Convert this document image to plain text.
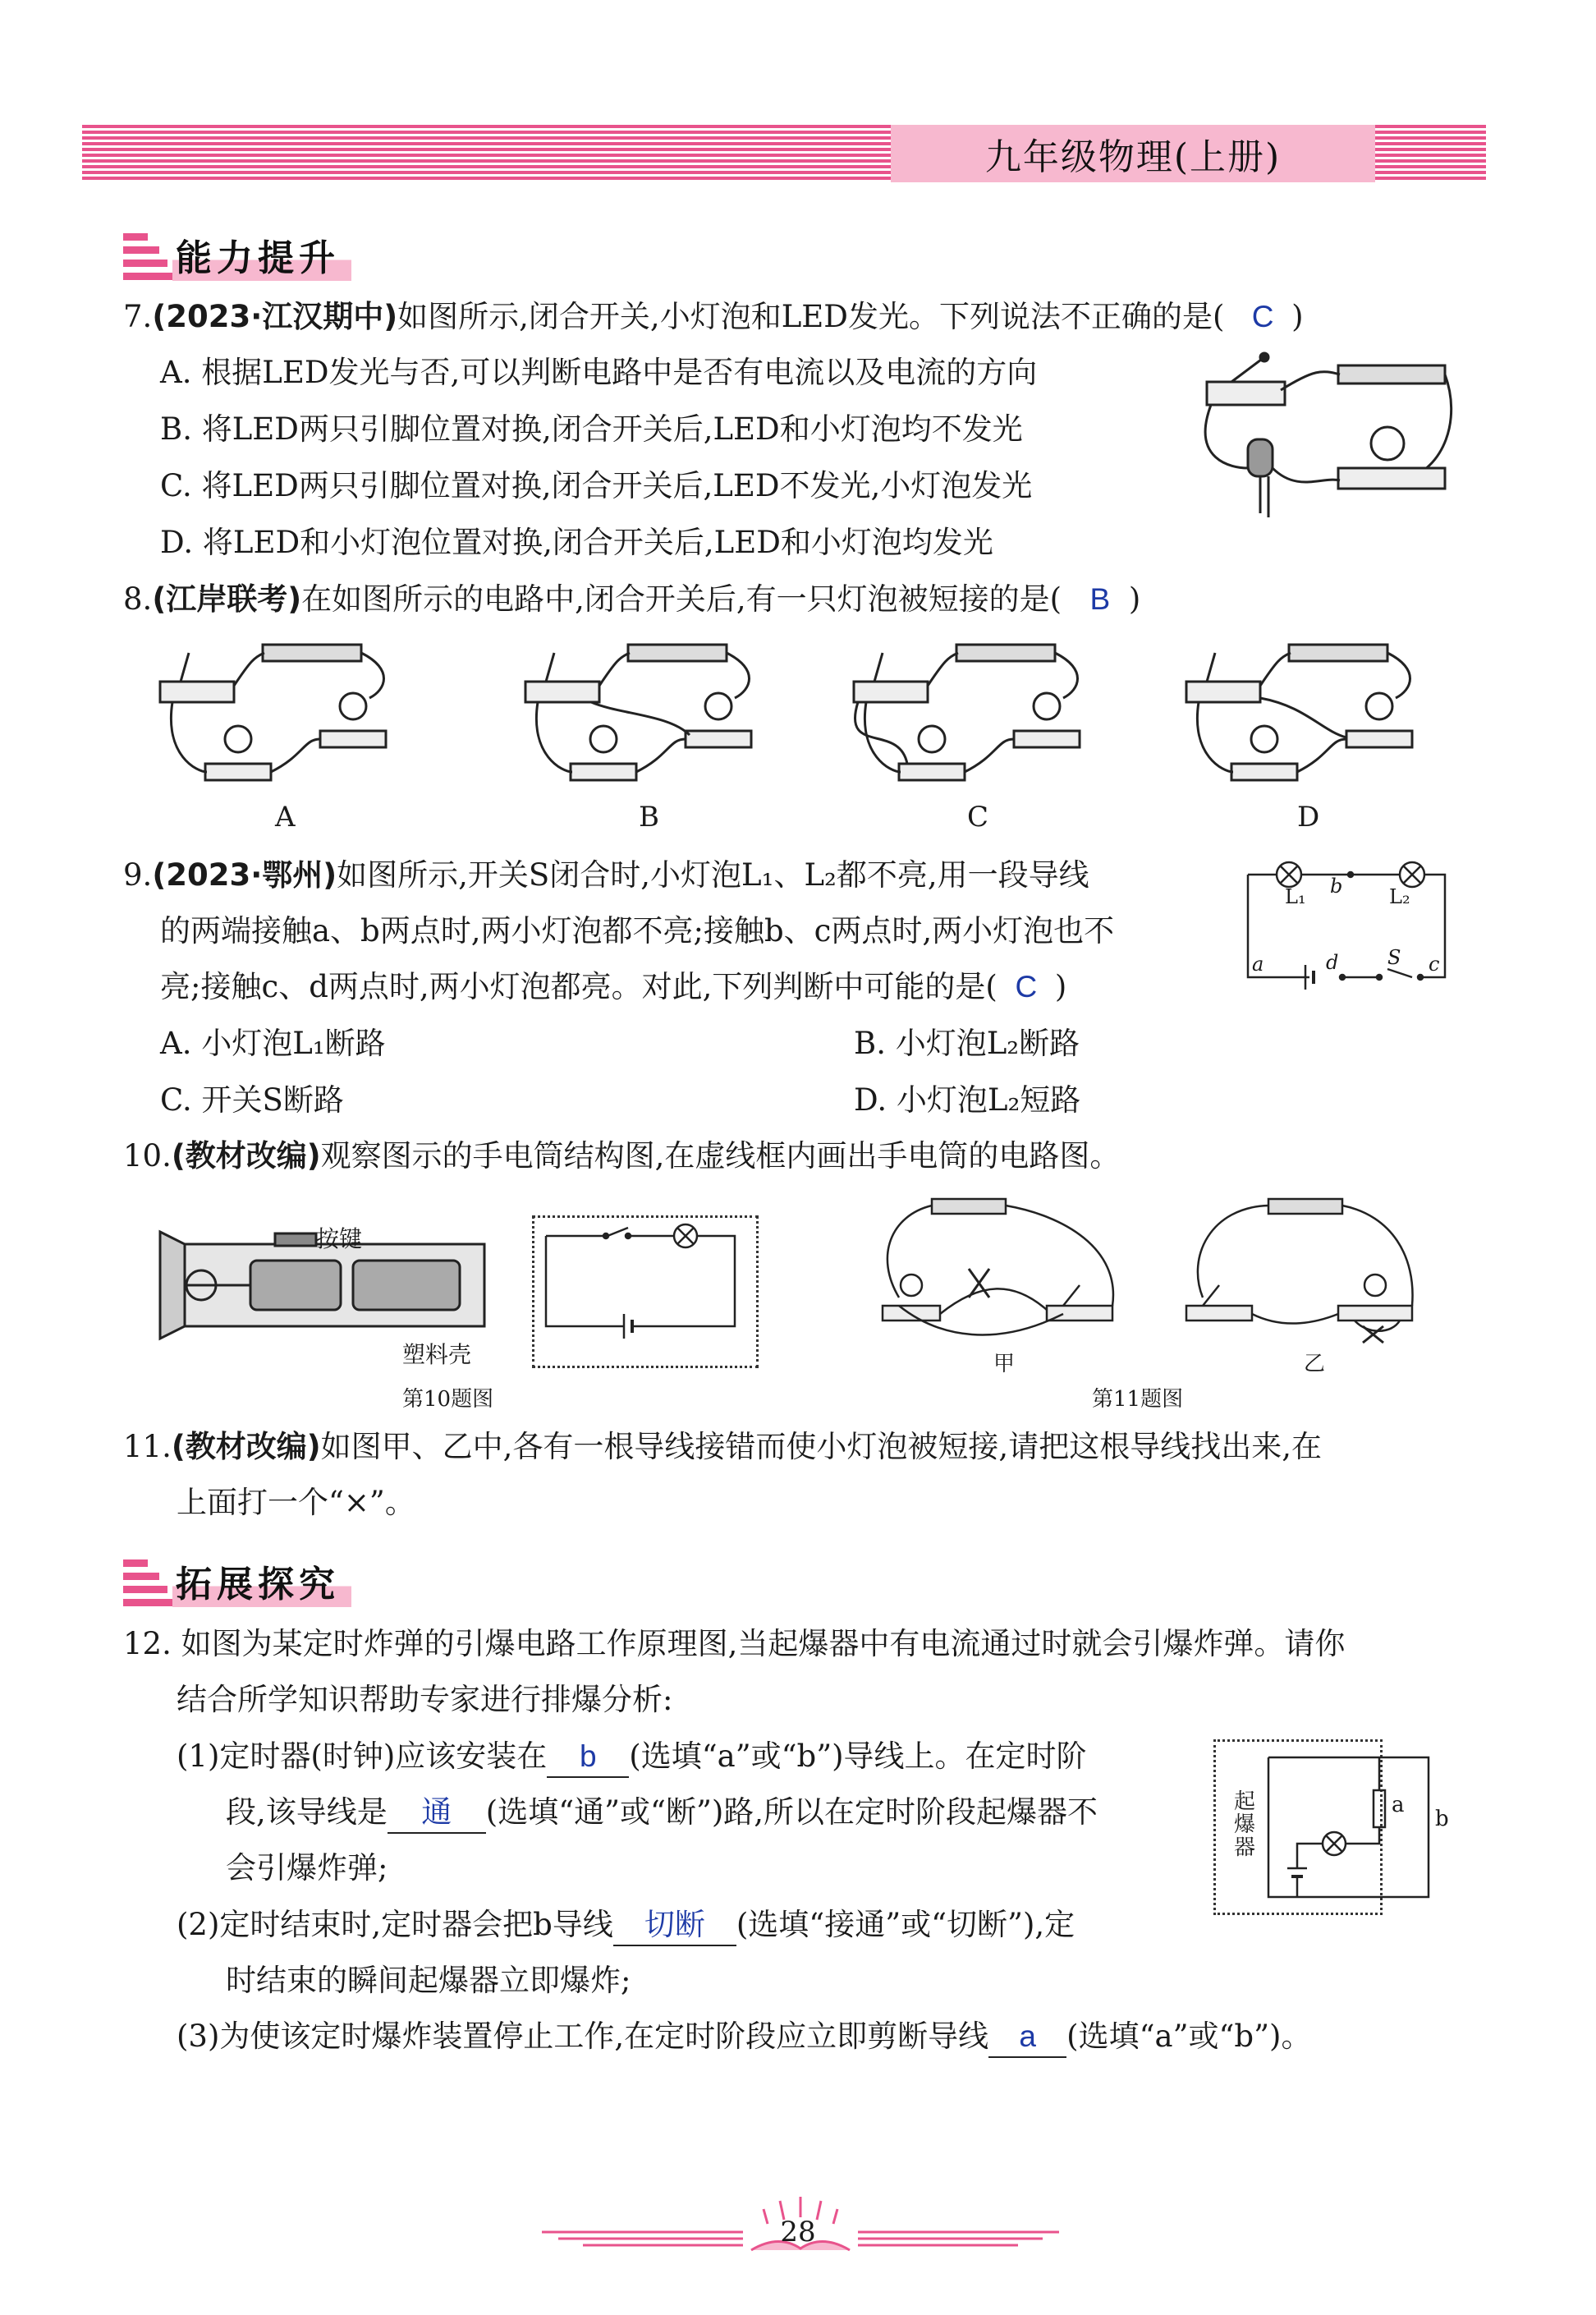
九年级物理(上册)
能力提升
7.(2023·江汉期中)如图所示,闭合开关,小灯泡和LED发光。下列说法不正确的是( C )
A. 根据LED发光与否,可以判断电路中是否有电流以及电流的方向
B. 将LED两只引脚位置对换,闭合开关后,LED和小灯泡均不发光
C. 将LED两只引脚位置对换,闭合开关后,LED不发光,小灯泡发光
D. 将LED和小灯泡位置对换,闭合开关后,LED和小灯泡均发光
8.(江岸联考)在如图所示的电路中,闭合开关后,有一只灯泡被短接的是( B )
A	B	C	D
9.(2023·鄂州)如图所示,开关S闭合时,小灯泡L₁、L₂都不亮,用一段导线
的两端接触a、b两点时,两小灯泡都不亮;接触b、c两点时,两小灯泡也不
亮;接触c、d两点时,两小灯泡都亮。对此,下列判断中可能的是( C )
A. 小灯泡L₁断路	B. 小灯泡L₂断路
C. 开关S断路	D. 小灯泡L₂短路
L₁ b L₂
a	d S c
10.(教材改编)观察图示的手电筒结构图,在虚线框内画出手电筒的电路图。
按键
塑料壳
第10题图
甲	乙
第11题图
11.(教材改编)如图甲、乙中,各有一根导线接错而使小灯泡被短接,请把这根导线找出来,在
上面打一个“×”。
拓展探究
12. 如图为某定时炸弹的引爆电路工作原理图,当起爆器中有电流通过时就会引爆炸弹。请你
结合所学知识帮助专家进行排爆分析:
(1)定时器(时钟)应该安装在 b (选填“a”或“b”)导线上。在定时阶
段,该导线是 通 (选填“通”或“断”)路,所以在定时阶段起爆器不
会引爆炸弹;
(2)定时结束时,定时器会把b导线 切断 (选填“接通”或“切断”),定
时结束的瞬间起爆器立即爆炸;
(3)为使该定时爆炸装置停止工作,在定时阶段应立即剪断导线 a (选填“a”或“b”)。
起爆器
a
b
28
